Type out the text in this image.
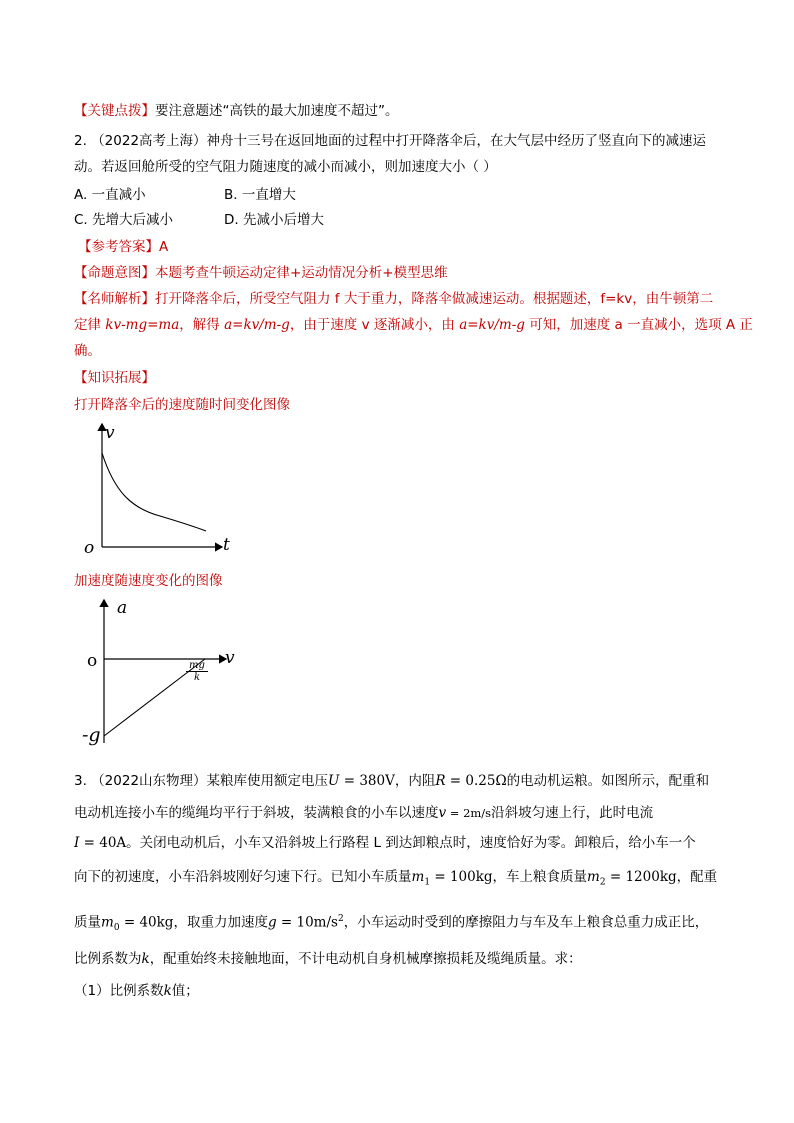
【关键点拨】要注意题述“高铁的最大加速度不超过”。
2. （2022高考上海）神舟十三号在返回地面的过程中打开降落伞后，在大气层中经历了竖直向下的减速运
动。若返回舱所受的空气阻力随速度的减小而减小，则加速度大小（ ）
A. 一直减小	B. 一直增大
C. 先增大后减小	D. 先减小后增大
【参考答案】A
【命题意图】本题考查牛顿运动定律+运动情况分析+模型思维
【名师解析】打开降落伞后，所受空气阻力 f 大于重力，降落伞做减速运动。根据题述，f=kv，由牛顿第二
定律 kv-mg=ma，解得 a=kv/m-g，由于速度 v 逐渐减小，由 a=kv/m-g 可知，加速度 a 一直减小，选项 A 正
确。
【知识拓展】
打开降落伞后的速度随时间变化图像
v
t
o
加速度随速度变化的图像
a
v
o
-g
$\frac{mg}{k}$
3. （2022山东物理）某粮库使用额定电压U = 380V，内阻R = 0.25Ω的电动机运粮。如图所示，配重和
电动机连接小车的缆绳均平行于斜坡，装满粮食的小车以速度v = 2m/s沿斜坡匀速上行，此时电流
I = 40A。关闭电动机后，小车又沿斜坡上行路程 L 到达卸粮点时，速度恰好为零。卸粮后，给小车一个
向下的初速度，小车沿斜坡刚好匀速下行。已知小车质量$m_1 = 100kg$，车上粮食质量$m_2 = 1200kg$，配重
质量$m_0 = 40kg$，取重力加速度$g = 10m/s^2$，小车运动时受到的摩擦阻力与车及车上粮食总重力成正比，
比例系数为k，配重始终未接触地面，不计电动机自身机械摩擦损耗及缆绳质量。求：
（1）比例系数k值；
